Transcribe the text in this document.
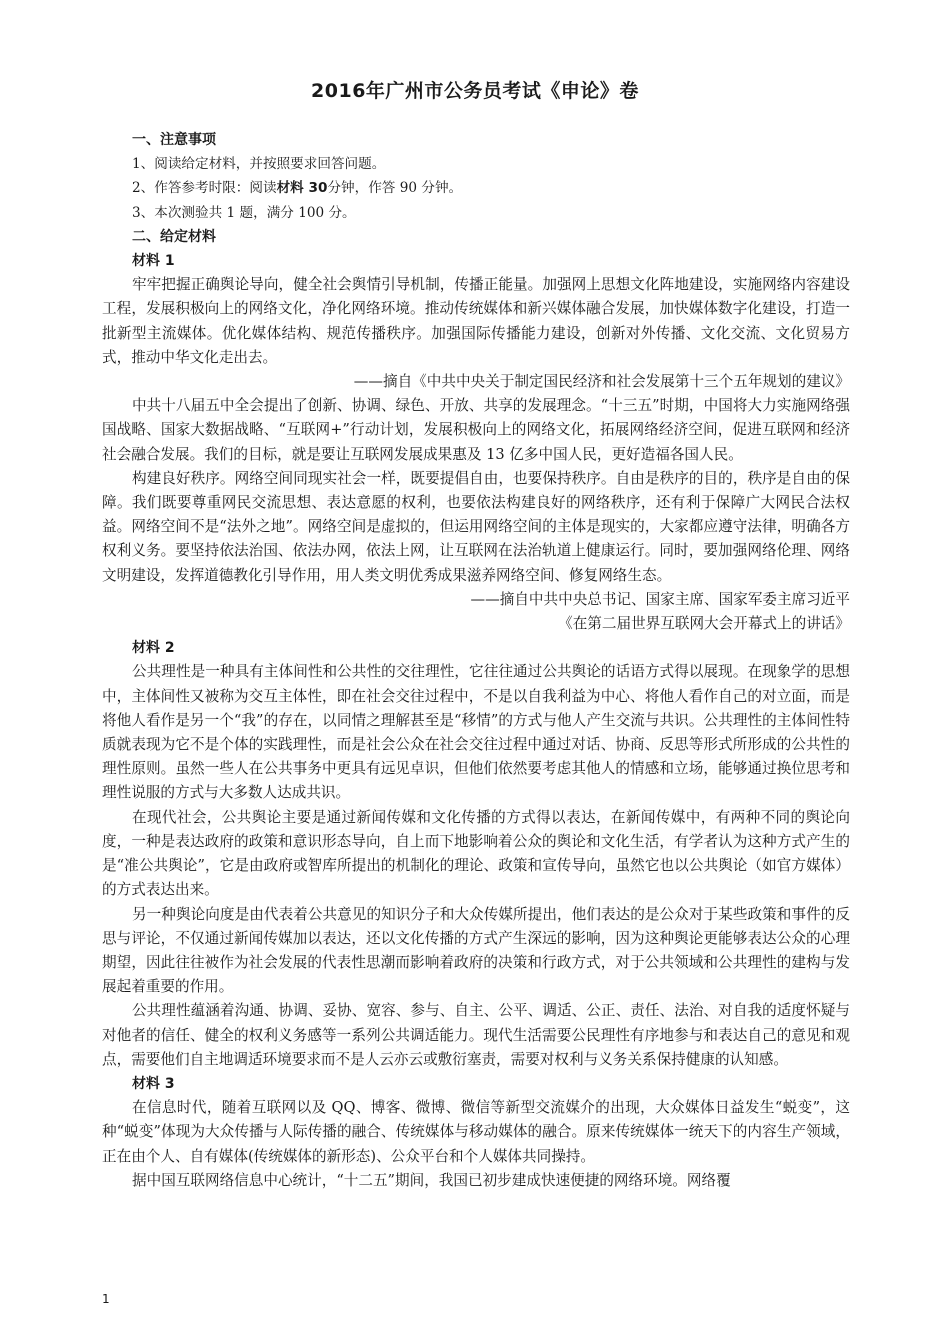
2016年广州市公务员考试《申论》卷
一、注意事项
1、阅读给定材料，并按照要求回答问题。
2、作答参考时限：阅读材料 30分钟，作答 90 分钟。
3、本次测验共 1 题，满分 100 分。
二、给定材料
材料 1

牢牢把握正确舆论导向，健全社会舆情引导机制，传播正能量。加强网上思想文化阵地建设，实施网络内容建设工程，发展积极向上的网络文化，净化网络环境。推动传统媒体和新兴媒体融合发展，加快媒体数字化建设，打造一批新型主流媒体。优化媒体结构、规范传播秩序。加强国际传播能力建设，创新对外传播、文化交流、文化贸易方式，推动中华文化走出去。

——摘自《中共中央关于制定国民经济和社会发展第十三个五年规划的建议》

中共十八届五中全会提出了创新、协调、绿色、开放、共享的发展理念。“十三五”时期，中国将大力实施网络强国战略、国家大数据战略、“互联网+”行动计划，发展积极向上的网络文化，拓展网络经济空间，促进互联网和经济社会融合发展。我们的目标，就是要让互联网发展成果惠及 13 亿多中国人民，更好造福各国人民。

构建良好秩序。网络空间同现实社会一样，既要提倡自由，也要保持秩序。自由是秩序的目的，秩序是自由的保障。我们既要尊重网民交流思想、表达意愿的权利，也要依法构建良好的网络秩序，还有利于保障广大网民合法权益。网络空间不是“法外之地”。网络空间是虚拟的，但运用网络空间的主体是现实的，大家都应遵守法律，明确各方权利义务。要坚持依法治国、依法办网，依法上网，让互联网在法治轨道上健康运行。同时，要加强网络伦理、网络文明建设，发挥道德教化引导作用，用人类文明优秀成果滋养网络空间、修复网络生态。

——摘自中共中央总书记、国家主席、国家军委主席习近平
《在第二届世界互联网大会开幕式上的讲话》
材料 2

公共理性是一种具有主体间性和公共性的交往理性，它往往通过公共舆论的话语方式得以展现。在现象学的思想中，主体间性又被称为交互主体性，即在社会交往过程中，不是以自我利益为中心、将他人看作自己的对立面，而是将他人看作是另一个“我”的存在，以同情之理解甚至是“移情”的方式与他人产生交流与共识。公共理性的主体间性特质就表现为它不是个体的实践理性，而是社会公众在社会交往过程中通过对话、协商、反思等形式所形成的公共性的理性原则。虽然一些人在公共事务中更具有远见卓识，但他们依然要考虑其他人的情感和立场，能够通过换位思考和理性说服的方式与大多数人达成共识。

在现代社会，公共舆论主要是通过新闻传媒和文化传播的方式得以表达，在新闻传媒中，有两种不同的舆论向度，一种是表达政府的政策和意识形态导向，自上而下地影响着公众的舆论和文化生活，有学者认为这种方式产生的是“准公共舆论”，它是由政府或智库所提出的机制化的理论、政策和宣传导向，虽然它也以公共舆论（如官方媒体）的方式表达出来。

另一种舆论向度是由代表着公共意见的知识分子和大众传媒所提出，他们表达的是公众对于某些政策和事件的反思与评论，不仅通过新闻传媒加以表达，还以文化传播的方式产生深远的影响，因为这种舆论更能够表达公众的心理期望，因此往往被作为社会发展的代表性思潮而影响着政府的决策和行政方式，对于公共领域和公共理性的建构与发展起着重要的作用。

公共理性蕴涵着沟通、协调、妥协、宽容、参与、自主、公平、调适、公正、责任、法治、对自我的适度怀疑与对他者的信任、健全的权利义务感等一系列公共调适能力。现代生活需要公民理性有序地参与和表达自己的意见和观点，需要他们自主地调适环境要求而不是人云亦云或敷衍塞责，需要对权利与义务关系保持健康的认知感。

材料 3

在信息时代，随着互联网以及 QQ、博客、微博、微信等新型交流媒介的出现，大众媒体日益发生“蜕变”，这种“蜕变”体现为大众传播与人际传播的融合、传统媒体与移动媒体的融合。原来传统媒体一统天下的内容生产领域，正在由个人、自有媒体(传统媒体的新形态)、公众平台和个人媒体共同操持。

据中国互联网络信息中心统计，“十二五”期间，我国已初步建成快速便捷的网络环境。网络覆

1
